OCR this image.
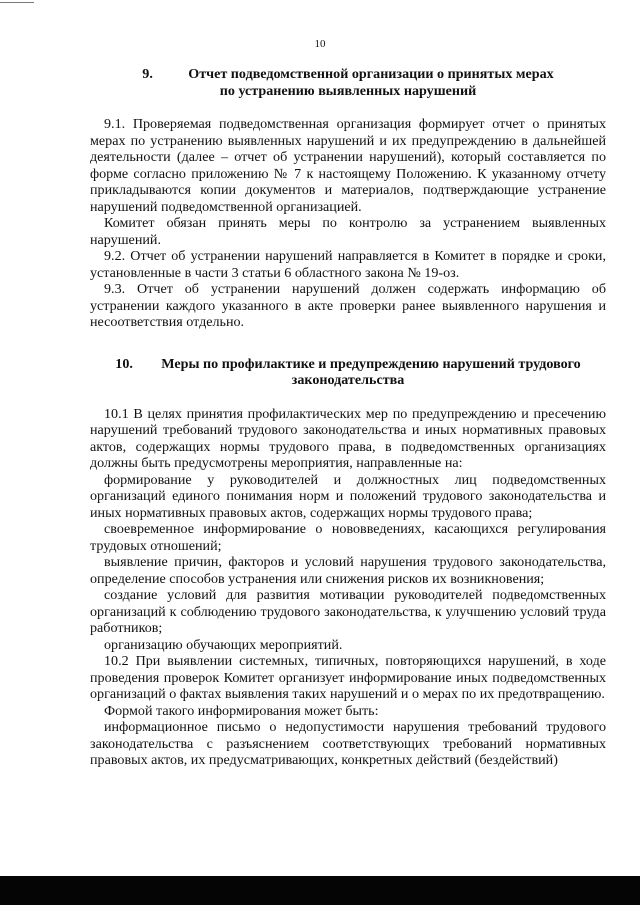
10
9.	Отчет подведомственной организации о принятых мерах
по устранению выявленных нарушений

9.1. Проверяемая подведомственная организация формирует отчет о принятых мерах по устранению выявленных нарушений и их предупреждению в дальнейшей деятельности (далее – отчет об устранении нарушений), который составляется по форме согласно приложению № 7 к настоящему Положению. К указанному отчету прикладываются копии документов и материалов, подтверждающие устранение нарушений подведомственной организацией.

Комитет обязан принять меры по контролю за устранением выявленных нарушений.

9.2. Отчет об устранении нарушений направляется в Комитет в порядке и сроки, установленные в части 3 статьи 6 областного закона № 19-оз.

9.3. Отчет об устранении нарушений должен содержать информацию об устранении каждого указанного в акте проверки ранее выявленного нарушения и несоответствия отдельно.

10. Меры по профилактике и предупреждению нарушений трудового
законодательства

10.1 В целях принятия профилактических мер по предупреждению и пресечению нарушений требований трудового законодательства и иных нормативных правовых актов, содержащих нормы трудового права, в подведомственных организациях должны быть предусмотрены мероприятия, направленные на:

формирование у руководителей и должностных лиц подведомственных организаций единого понимания норм и положений трудового законодательства и иных нормативных правовых актов, содержащих нормы трудового права;

своевременное информирование о нововведениях, касающихся регулирования трудовых отношений;

выявление причин, факторов и условий нарушения трудового законодательства, определение способов устранения или снижения рисков их возникновения;

создание условий для развития мотивации руководителей подведомственных организаций к соблюдению трудового законодательства, к улучшению условий труда работников;

организацию обучающих мероприятий.

10.2 При выявлении системных, типичных, повторяющихся нарушений, в ходе проведения проверок Комитет организует информирование иных подведомственных организаций о фактах выявления таких нарушений и о мерах по их предотвращению.

Формой такого информирования может быть:

информационное письмо о недопустимости нарушения требований трудового законодательства с разъяснением соответствующих требований нормативных правовых актов, их предусматривающих, конкретных действий (бездействий)
